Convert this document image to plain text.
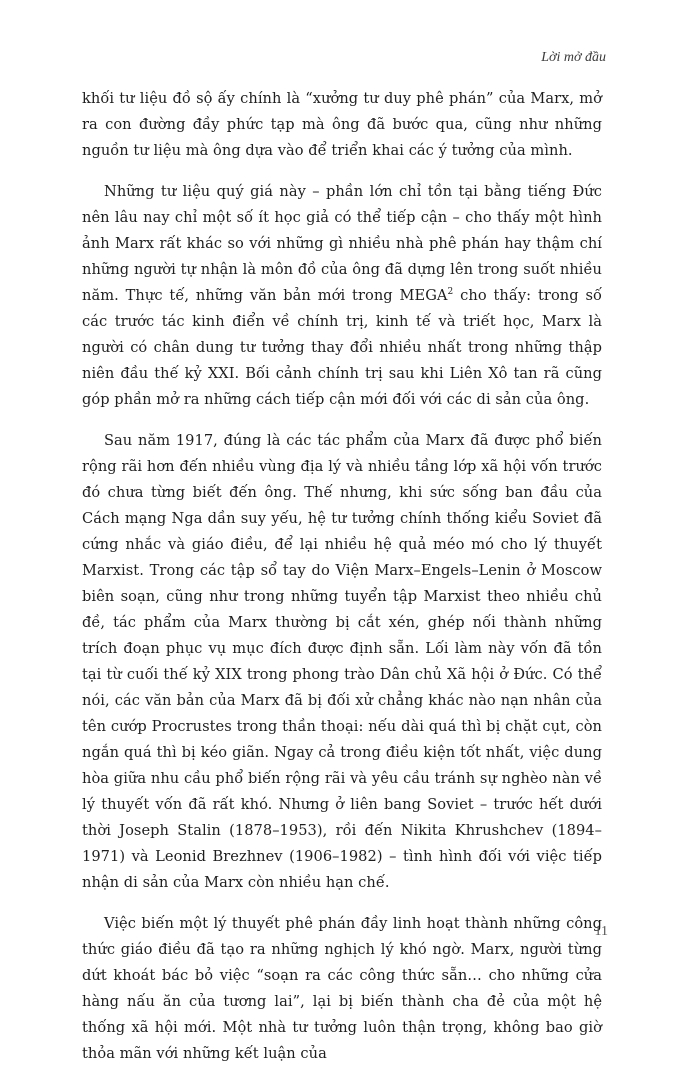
Lời mở đầu

khối tư liệu đồ sộ ấy chính là “xưởng tư duy phê phán” của Marx, mở ra con đường đầy phức tạp mà ông đã bước qua, cũng như những nguồn tư liệu mà ông dựa vào để triển khai các ý tưởng của mình.

Những tư liệu quý giá này – phần lớn chỉ tồn tại bằng tiếng Đức nên lâu nay chỉ một số ít học giả có thể tiếp cận – cho thấy một hình ảnh Marx rất khác so với những gì nhiều nhà phê phán hay thậm chí những người tự nhận là môn đồ của ông đã dựng lên trong suốt nhiều năm. Thực tế, những văn bản mới trong MEGA$^2$ cho thấy: trong số các trước tác kinh điển về chính trị, kinh tế và triết học, Marx là người có chân dung tư tưởng thay đổi nhiều nhất trong những thập niên đầu thế kỷ XXI. Bối cảnh chính trị sau khi Liên Xô tan rã cũng góp phần mở ra những cách tiếp cận mới đối với các di sản của ông.

Sau năm 1917, đúng là các tác phẩm của Marx đã được phổ biến rộng rãi hơn đến nhiều vùng địa lý và nhiều tầng lớp xã hội vốn trước đó chưa từng biết đến ông. Thế nhưng, khi sức sống ban đầu của Cách mạng Nga dần suy yếu, hệ tư tưởng chính thống kiểu Soviet đã cứng nhắc và giáo điều, để lại nhiều hệ quả méo mó cho lý thuyết Marxist. Trong các tập sổ tay do Viện Marx–Engels–Lenin ở Moscow biên soạn, cũng như trong những tuyển tập Marxist theo nhiều chủ đề, tác phẩm của Marx thường bị cắt xén, ghép nối thành những trích đoạn phục vụ mục đích được định sẵn. Lối làm này vốn đã tồn tại từ cuối thế kỷ XIX trong phong trào Dân chủ Xã hội ở Đức. Có thể nói, các văn bản của Marx đã bị đối xử chẳng khác nào nạn nhân của tên cướp Procrustes trong thần thoại: nếu dài quá thì bị chặt cụt, còn ngắn quá thì bị kéo giãn. Ngay cả trong điều kiện tốt nhất, việc dung hòa giữa nhu cầu phổ biến rộng rãi và yêu cầu tránh sự nghèo nàn về lý thuyết vốn đã rất khó. Nhưng ở liên bang Soviet – trước hết dưới thời Joseph Stalin (1878–1953), rồi đến Nikita Khrushchev (1894–1971) và Leonid Brezhnev (1906–1982) – tình hình đối với việc tiếp nhận di sản của Marx còn nhiều hạn chế.

Việc biến một lý thuyết phê phán đầy linh hoạt thành những công thức giáo điều đã tạo ra những nghịch lý khó ngờ. Marx, người từng dứt khoát bác bỏ việc “soạn ra các công thức sẵn… cho những cửa hàng nấu ăn của tương lai”, lại bị biến thành cha đẻ của một hệ thống xã hội mới. Một nhà tư tưởng luôn thận trọng, không bao giờ thỏa mãn với những kết luận của

11
